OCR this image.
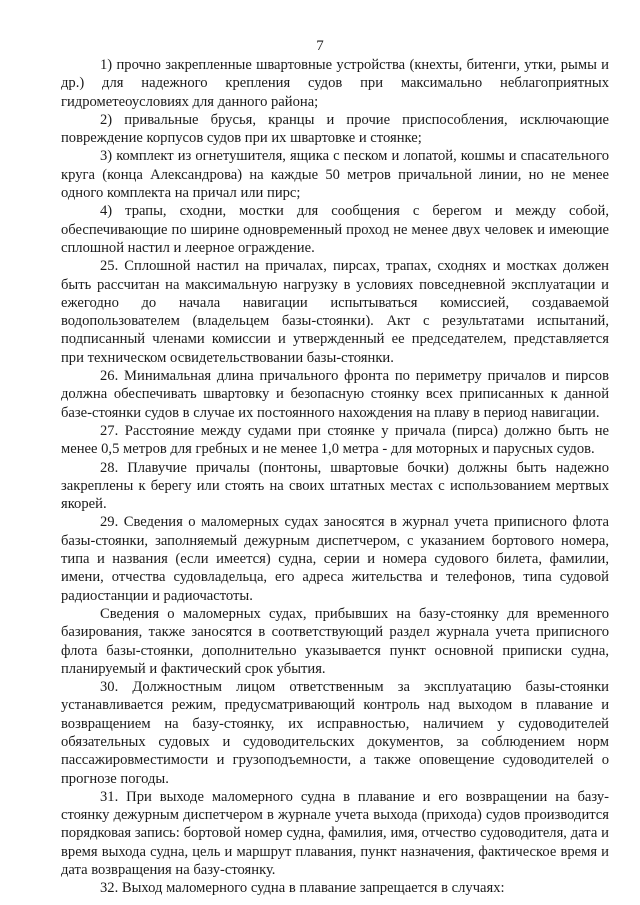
7

1) прочно закрепленные швартовные устройства (кнехты, битенги, утки, рымы и др.) для надежного крепления судов при максимально неблагоприятных гидрометеоусловиях для данного района;

2) привальные брусья, кранцы и прочие приспособления, исключающие повреждение корпусов судов при их швартовке и стоянке;

3) комплект из огнетушителя, ящика с песком и лопатой, кошмы и спасательного круга (конца Александрова) на каждые 50 метров причальной линии, но не менее одного комплекта на причал или пирс;

4) трапы, сходни, мостки для сообщения с берегом и между собой, обеспечивающие по ширине одновременный проход не менее двух человек и имеющие сплошной настил и леерное ограждение.

25. Сплошной настил на причалах, пирсах, трапах, сходнях и мостках должен быть рассчитан на максимальную нагрузку в условиях повседневной эксплуатации и ежегодно до начала навигации испытываться комиссией, создаваемой водопользователем (владельцем базы-стоянки). Акт с результатами испытаний, подписанный членами комиссии и утвержденный ее председателем, представляется при техническом освидетельствовании базы-стоянки.

26. Минимальная длина причального фронта по периметру причалов и пирсов должна обеспечивать швартовку и безопасную стоянку всех приписанных к данной базе-стоянки судов в случае их постоянного нахождения на плаву в период навигации.

27. Расстояние между судами при стоянке у причала (пирса) должно быть не менее 0,5 метров для гребных и не менее 1,0 метра - для моторных и парусных судов.

28. Плавучие причалы (понтоны, швартовые бочки) должны быть надежно закреплены к берегу или стоять на своих штатных местах с использованием мертвых якорей.

29. Сведения о маломерных судах заносятся в журнал учета приписного флота базы-стоянки, заполняемый дежурным диспетчером, с указанием бортового номера, типа и названия (если имеется) судна, серии и номера судового билета, фамилии, имени, отчества судовладельца, его адреса жительства и телефонов, типа судовой радиостанции и радиочастоты.

Сведения о маломерных судах, прибывших на базу-стоянку для временного базирования, также заносятся в соответствующий раздел журнала учета приписного флота базы-стоянки, дополнительно указывается пункт основной приписки судна, планируемый и фактический срок убытия.

30. Должностным лицом ответственным за эксплуатацию базы-стоянки устанавливается режим, предусматривающий контроль над выходом в плавание и возвращением на базу-стоянку, их исправностью, наличием у судоводителей обязательных судовых и судоводительских документов, за соблюдением норм пассажировместимости и грузоподъемности, а также оповещение судоводителей о прогнозе погоды.

31. При выходе маломерного судна в плавание и его возвращении на базу-стоянку дежурным диспетчером в журнале учета выхода (прихода) судов производится порядковая запись: бортовой номер судна, фамилия, имя, отчество судоводителя, дата и время выхода судна, цель и маршрут плавания, пункт назначения, фактическое время и дата возвращения на базу-стоянку.

32. Выход маломерного судна в плавание запрещается в случаях:
